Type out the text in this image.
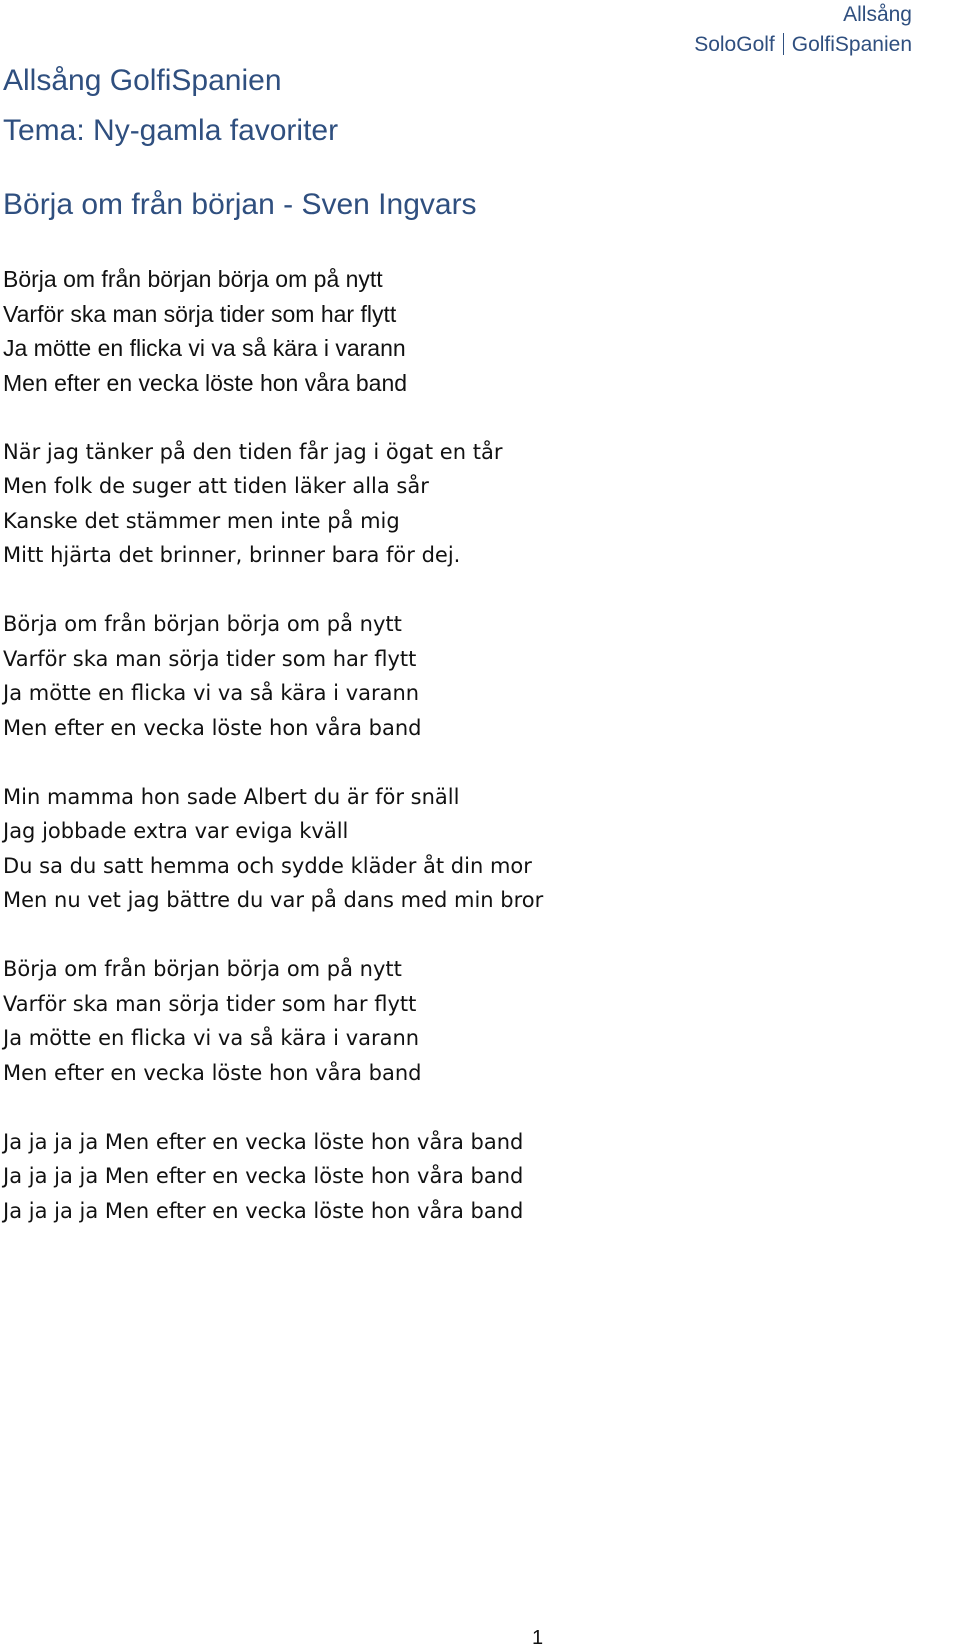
Allsång
SoloGolf GolfiSpanien
Allsång GolfiSpanien
Tema: Ny-gamla favoriter
Börja om från början - Sven Ingvars
Börja om från början börja om på nytt
Varför ska man sörja tider som har flytt
Ja mötte en flicka vi va så kära i varann
Men efter en vecka löste hon våra band
När jag tänker på den tiden får jag i ögat en tår
Men folk de suger att tiden läker alla sår
Kanske det stämmer men inte på mig
Mitt hjärta det brinner, brinner bara för dej.
Börja om från början börja om på nytt
Varför ska man sörja tider som har flytt
Ja mötte en flicka vi va så kära i varann
Men efter en vecka löste hon våra band
Min mamma hon sade Albert du är för snäll
Jag jobbade extra var eviga kväll
Du sa du satt hemma och sydde kläder åt din mor
Men nu vet jag bättre du var på dans med min bror
Börja om från början börja om på nytt
Varför ska man sörja tider som har flytt
Ja mötte en flicka vi va så kära i varann
Men efter en vecka löste hon våra band
Ja ja ja ja Men efter en vecka löste hon våra band
Ja ja ja ja Men efter en vecka löste hon våra band
Ja ja ja ja Men efter en vecka löste hon våra band
1
